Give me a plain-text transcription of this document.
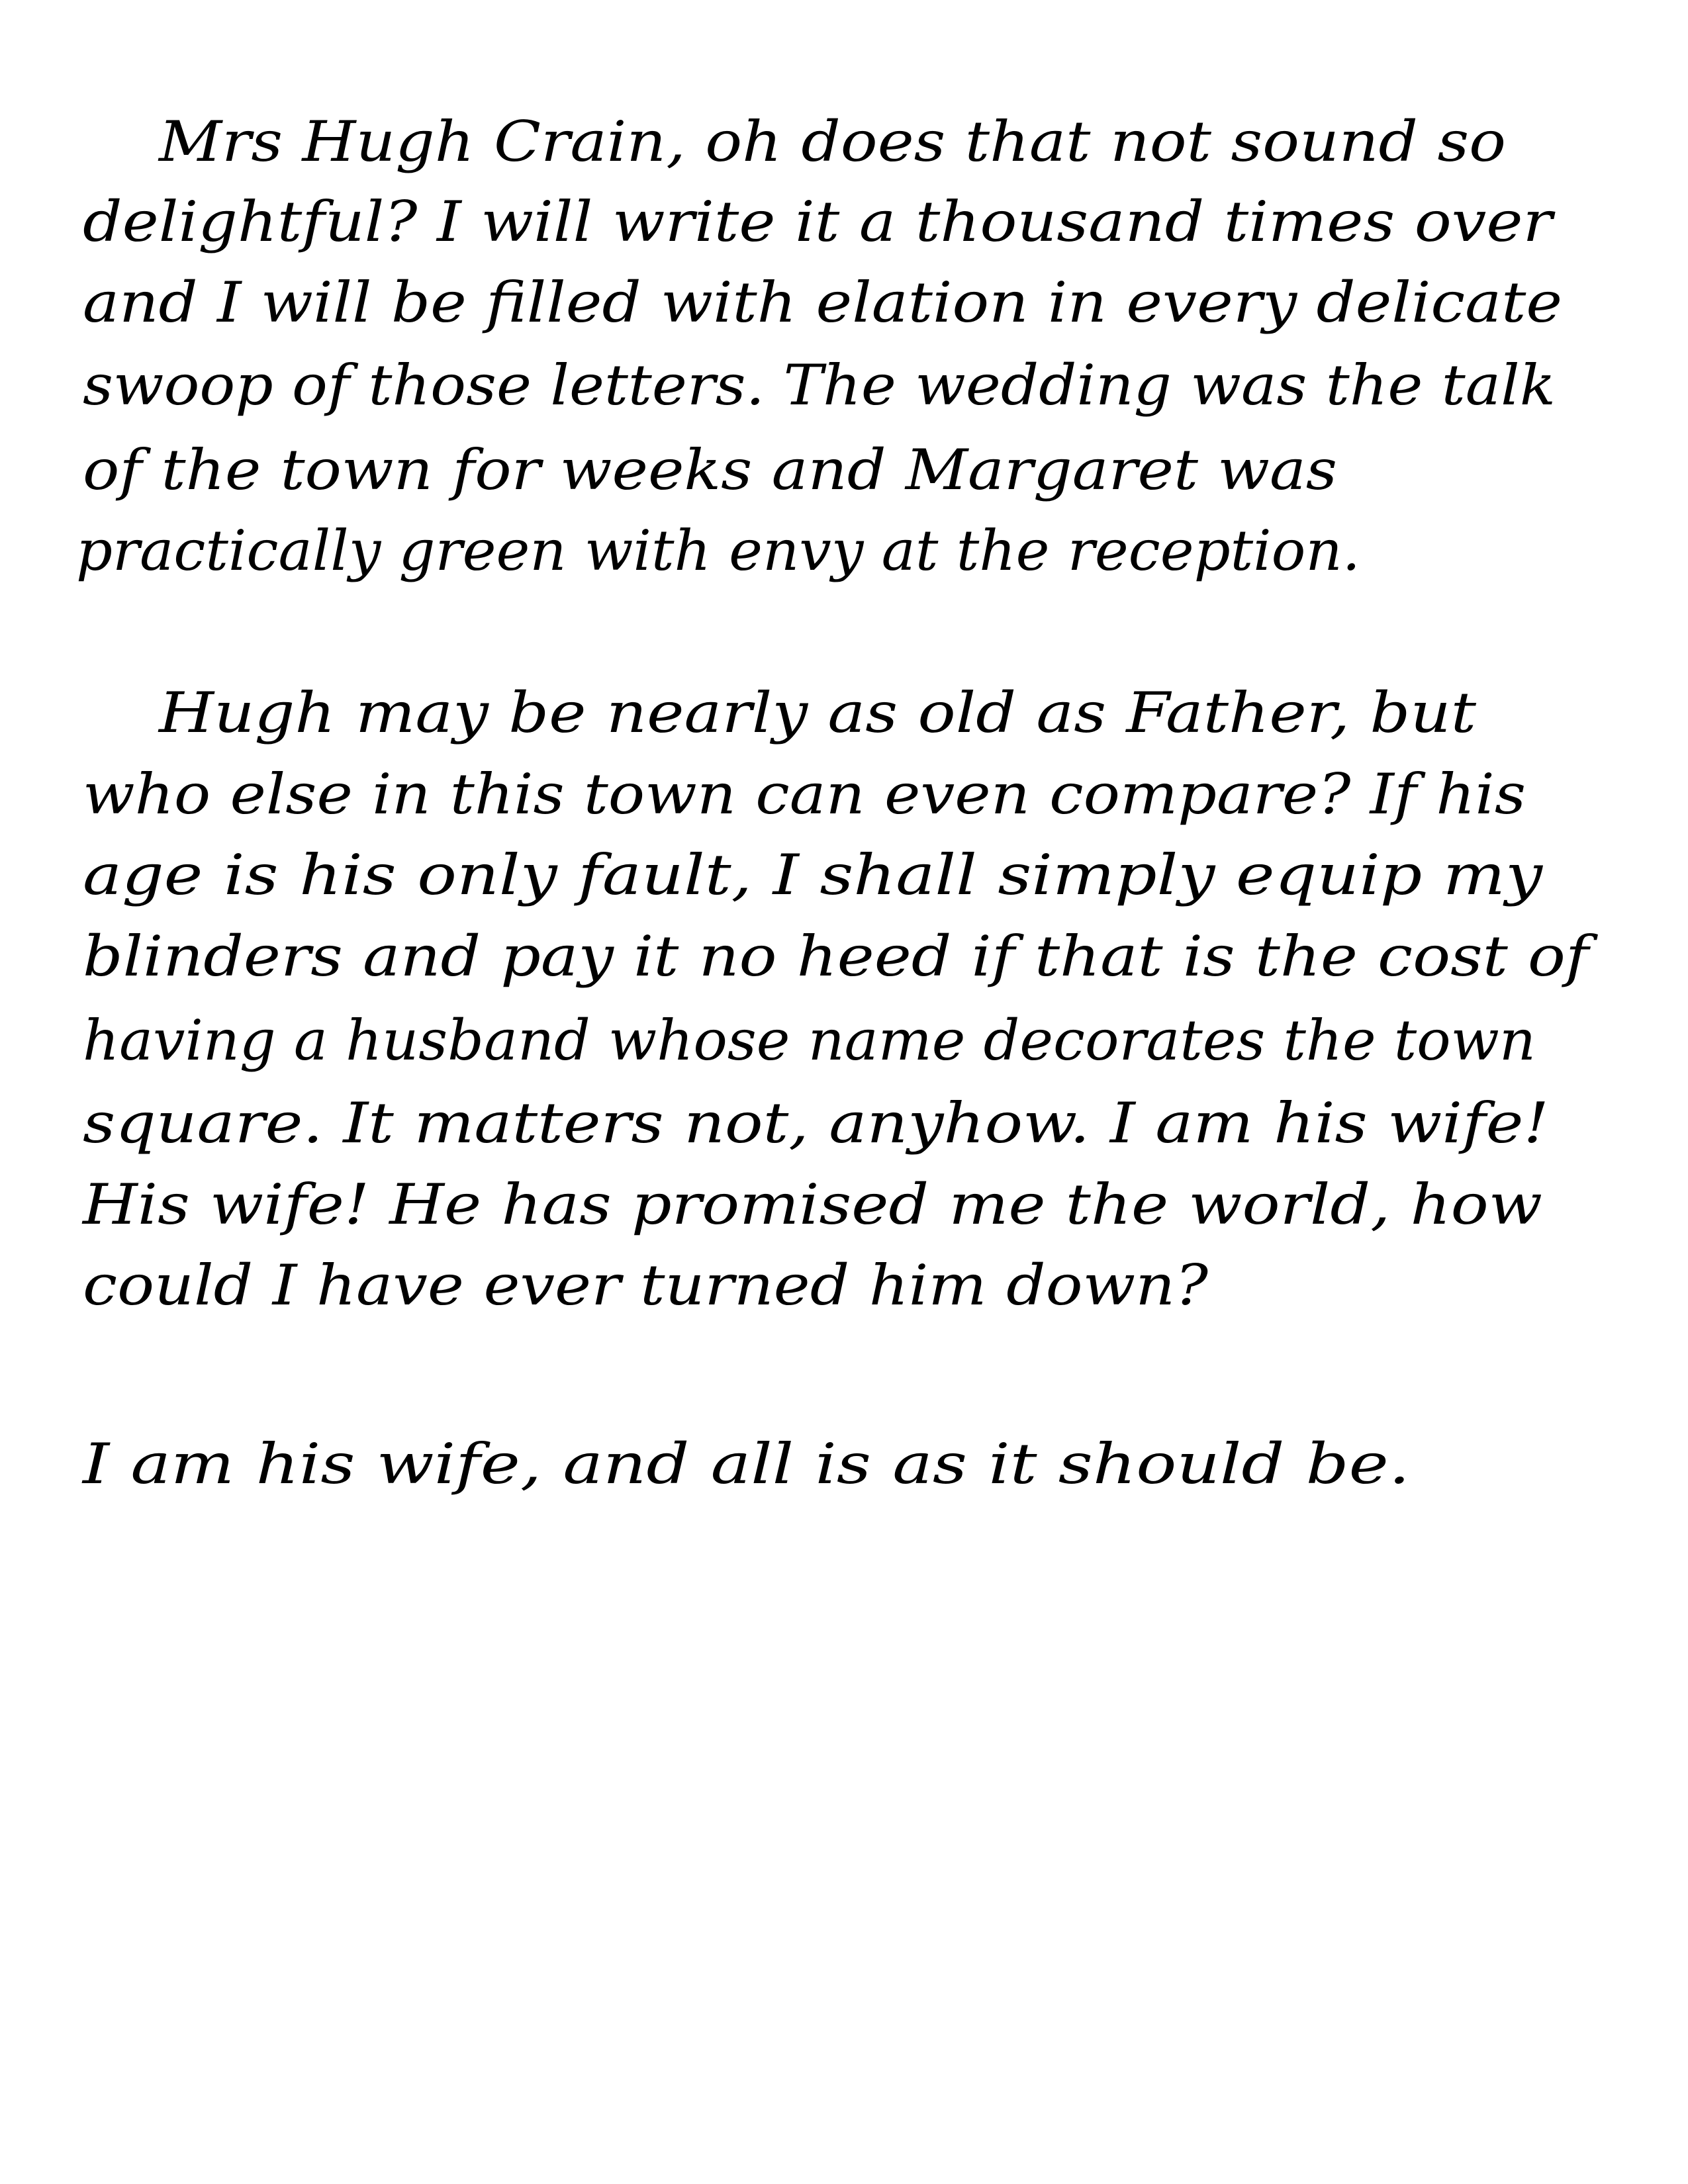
Mrs Hugh Crain, oh does that not sound so
delightful? I will write it a thousand times over
and I will be filled with elation in every delicate
swoop of those letters. The wedding was the talk
of the town for weeks and Margaret was
practically green with envy at the reception.
Hugh may be nearly as old as Father, but
who else in this town can even compare? If his
age is his only fault, I shall simply equip my
blinders and pay it no heed if that is the cost of
having a husband whose name decorates the town
square. It matters not, anyhow. I am his wife!
His wife! He has promised me the world, how
could I have ever turned him down?
I am his wife, and all is as it should be.
